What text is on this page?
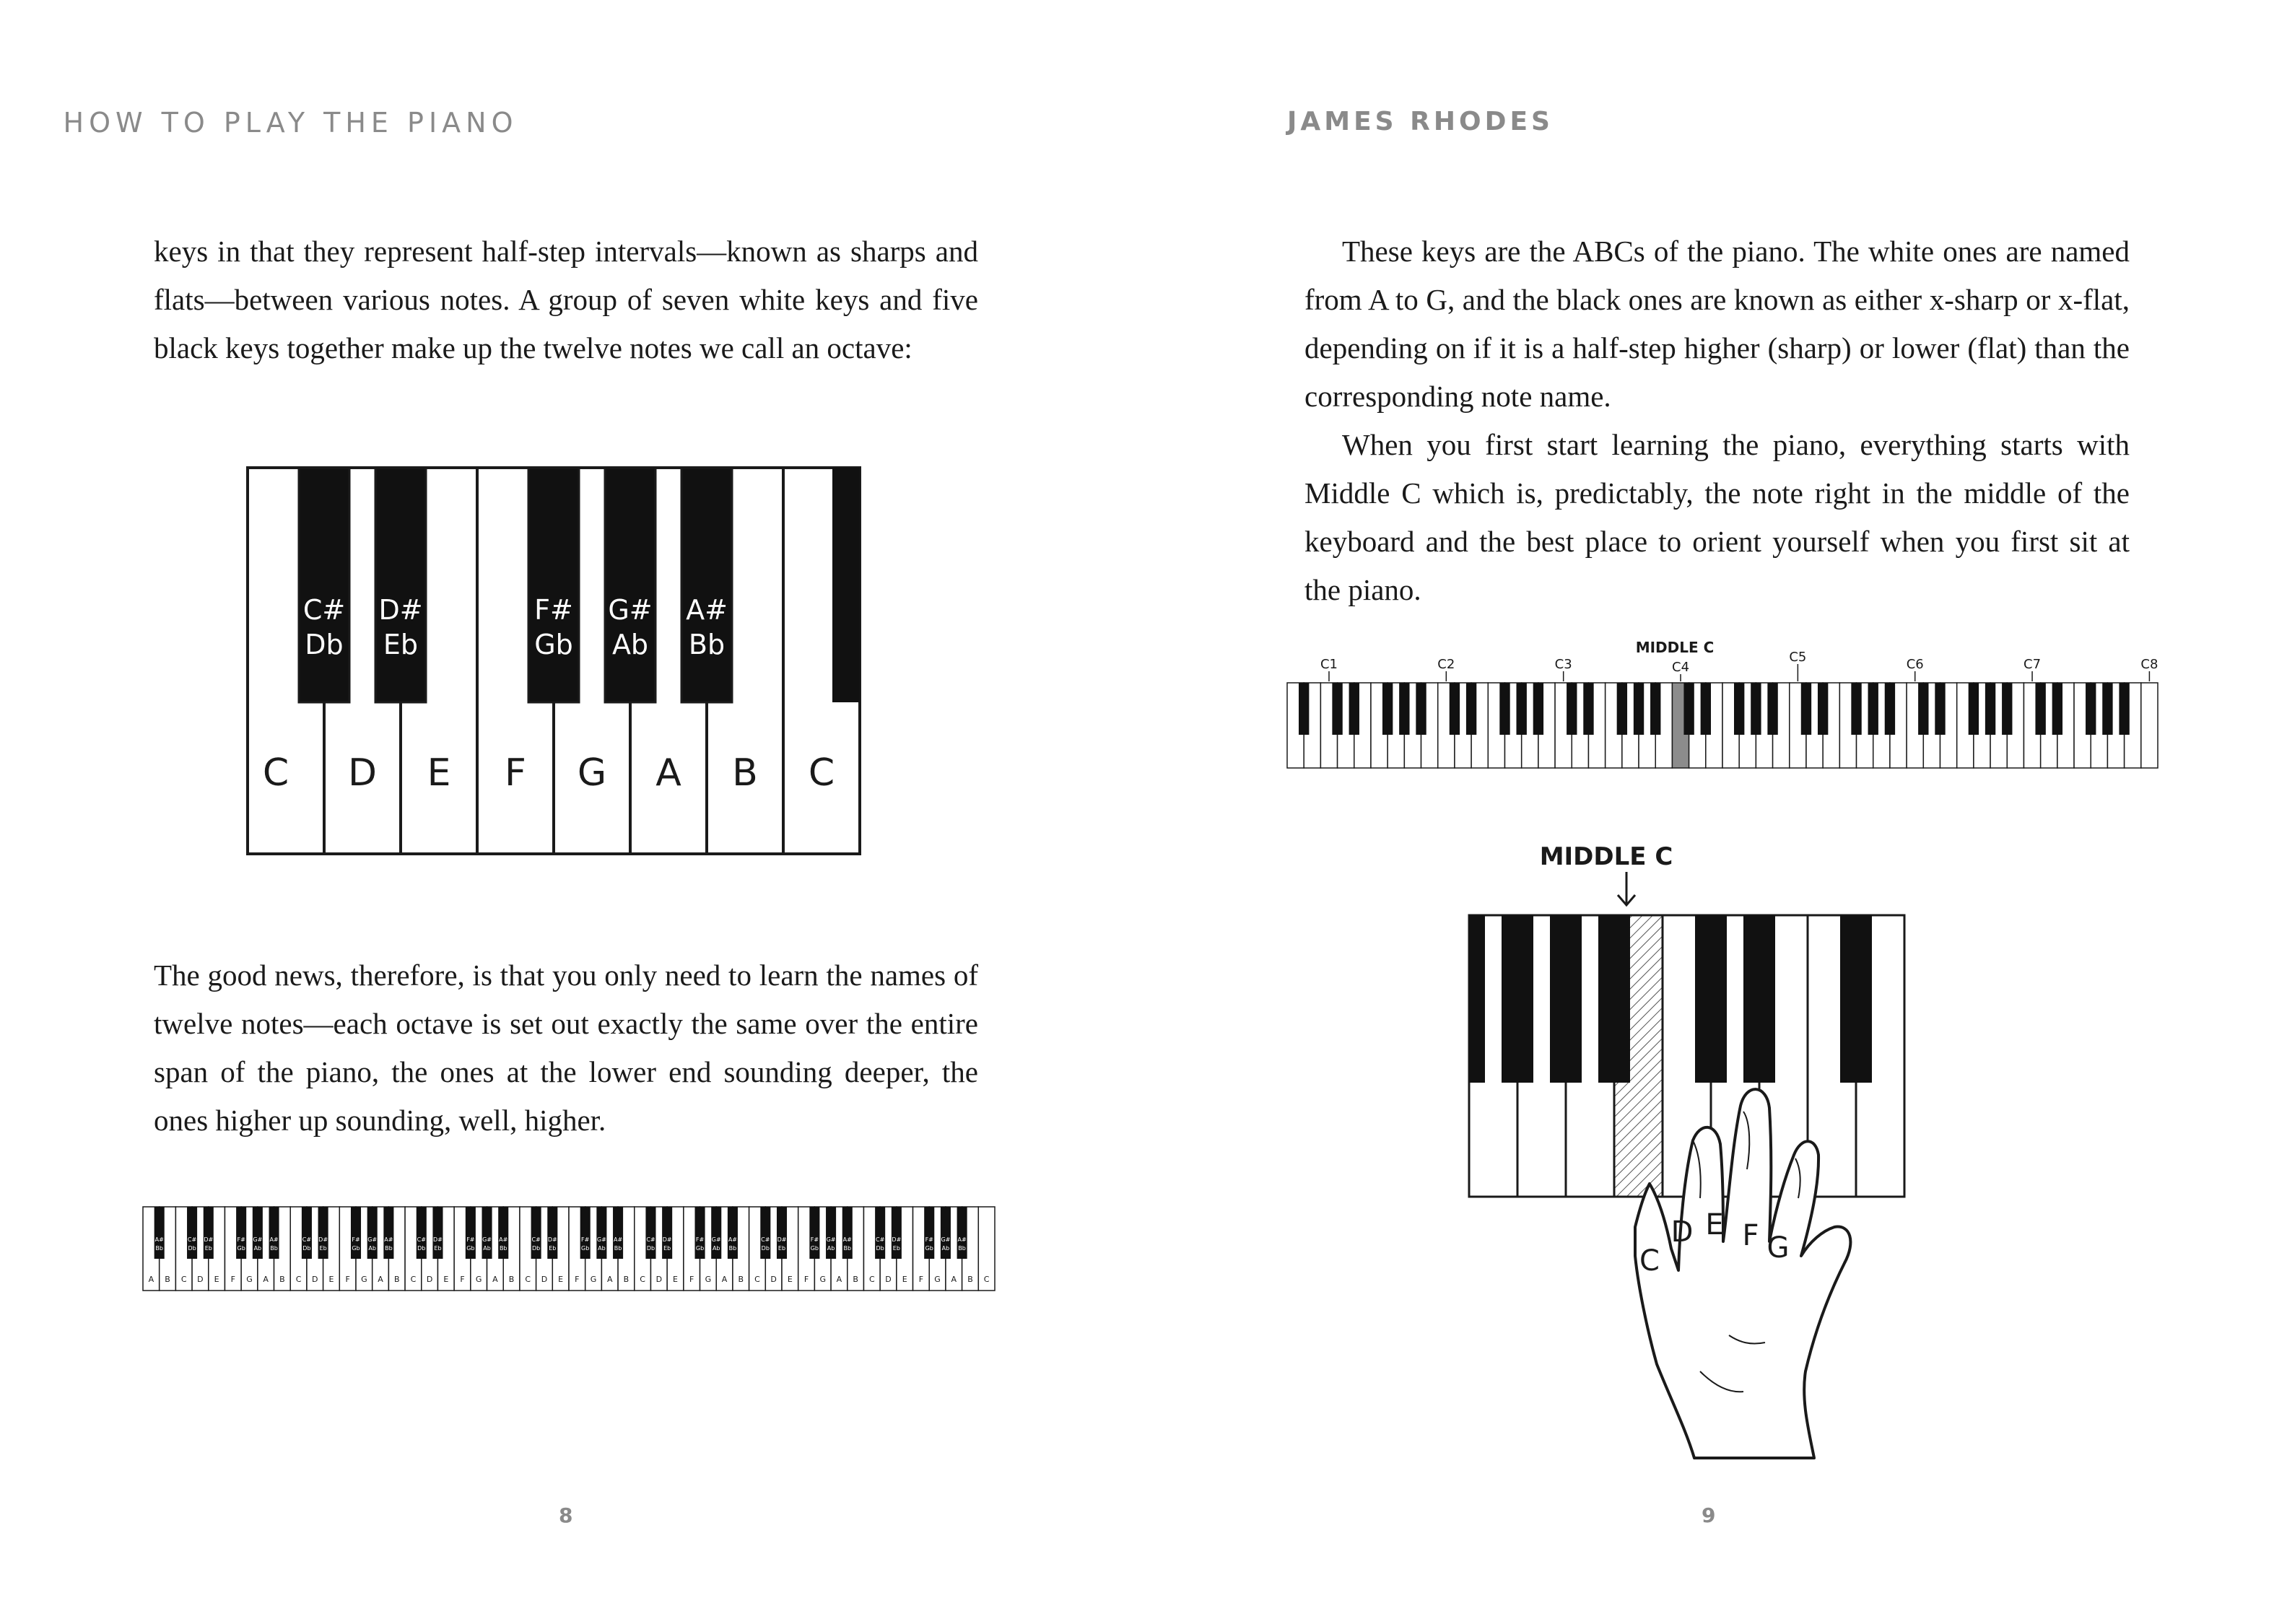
HOW TO PLAY THE PIANO

keys in that they represent half-step intervals—known as sharps and flats—between various notes. A group of seven white keys and five black keys together make up the twelve notes we call an octave:

C D E F G A B C
C#
Db
D#
Eb
F#
Gb
G#
Ab
A#
Bb

The good news, therefore, is that you only need to learn the names of twelve notes—each octave is set out exactly the same over the entire span of the piano, the ones at the lower end sounding deeper, the ones higher up sounding, well, higher.

A B C D E F G A B C D E F G A B C D E F G A B C D E F G A B C D E F G A B C D E F G A B C D E F G A B C
A#
Bb
C#
Db
D#
Eb
F#
Gb
G#
Ab
A#
Bb
C#
Db
D#
Eb
F#
Gb
G#
Ab
A#
Bb
C#
Db
D#
Eb
F#
Gb
G#
Ab
A#
Bb
C#
Db
D#
Eb
F#
Gb
G#
Ab
A#
Bb
C#
Db
D#
Eb
F#
Gb
G#
Ab
A#
Bb
C#
Db
D#
Eb
F#
Gb
G#
Ab
A#
Bb
C#
Db
D#
Eb
F#
Gb
G#
Ab
A#
Bb
8
JAMES RHODES

These keys are the ABCs of the piano. The white ones are named from A to G, and the black ones are known as either x-sharp or x-flat, depending on if it is a half-step higher (sharp) or lower (flat) than the corresponding note name.

When you first start learning the piano, everything starts with Middle C which is, predictably, the note right in the middle of the keyboard and the best place to orient yourself when you first sit at the piano.

MIDDLE C
C1	C2	C3	C4
C5	C6	C7	C8
MIDDLE C
C
D E F G
9
